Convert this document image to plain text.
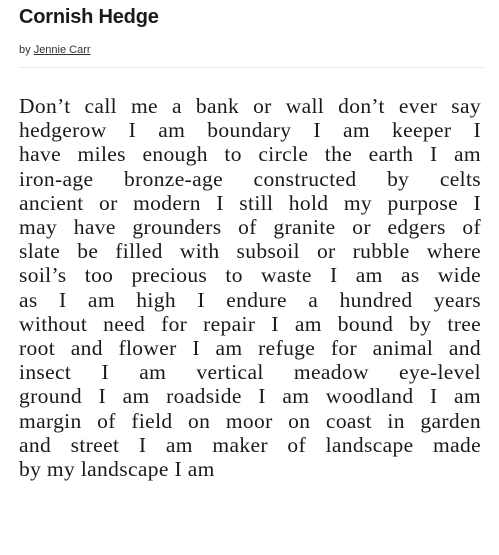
Cornish Hedge
by Jennie Carr
Don’t call me a bank or wall don’t ever say
hedgerow I am boundary I am keeper I
have miles enough to circle the earth I am
iron-age bronze-age constructed by celts
ancient or modern I still hold my purpose I
may have grounders of granite or edgers of
slate be filled with subsoil or rubble where
soil’s too precious to waste I am as wide
as I am high I endure a hundred years
without need for repair I am bound by tree
root and flower I am refuge for animal and
insect I am vertical meadow eye-level
ground I am roadside I am woodland I am
margin of field on moor on coast in garden
and street I am maker of landscape made
by my landscape I am
